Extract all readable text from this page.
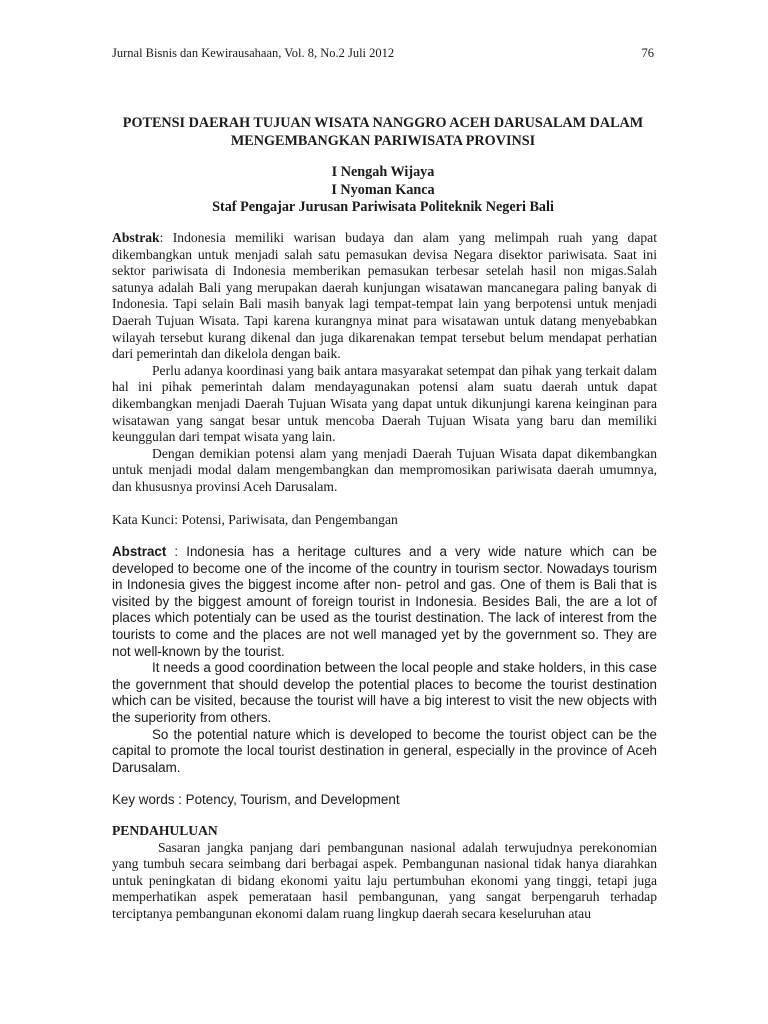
Jurnal Bisnis dan Kewirausahaan, Vol. 8, No.2 Juli 2012	76
POTENSI DAERAH TUJUAN WISATA NANGGRO ACEH DARUSALAM DALAM
MENGEMBANGKAN PARIWISATA PROVINSI
I Nengah Wijaya
I Nyoman Kanca
Staf Pengajar Jurusan Pariwisata Politeknik Negeri Bali

Abstrak: Indonesia memiliki warisan budaya dan alam yang melimpah ruah yang dapat dikembangkan untuk menjadi salah satu pemasukan devisa Negara disektor pariwisata. Saat ini sektor pariwisata di Indonesia memberikan pemasukan terbesar setelah hasil non migas.Salah satunya adalah Bali yang merupakan daerah kunjungan wisatawan mancanegara paling banyak di Indonesia. Tapi selain Bali masih banyak lagi tempat-tempat lain yang berpotensi untuk menjadi Daerah Tujuan Wisata. Tapi karena kurangnya minat para wisatawan untuk datang menyebabkan wilayah tersebut kurang dikenal dan juga dikarenakan tempat tersebut belum mendapat perhatian dari pemerintah dan dikelola dengan baik.

Perlu adanya koordinasi yang baik antara masyarakat setempat dan pihak yang terkait dalam hal ini pihak pemerintah dalam mendayagunakan potensi alam suatu daerah untuk dapat dikembangkan menjadi Daerah Tujuan Wisata yang dapat untuk dikunjungi karena keinginan para wisatawan yang sangat besar untuk mencoba Daerah Tujuan Wisata yang baru dan memiliki keunggulan dari tempat wisata yang lain.

Dengan demikian potensi alam yang menjadi Daerah Tujuan Wisata dapat dikembangkan untuk menjadi modal dalam mengembangkan dan mempromosikan pariwisata daerah umumnya, dan khususnya provinsi Aceh Darusalam.

Kata Kunci: Potensi, Pariwisata, dan Pengembangan

Abstract : Indonesia has a heritage cultures and a very wide nature which can be developed to become one of the income of the country in tourism sector. Nowadays tourism in Indonesia gives the biggest income after non- petrol and gas. One of them is Bali that is visited by the biggest amount of foreign tourist in Indonesia. Besides Bali, the are a lot of places which potentialy can be used as the tourist destination. The lack of interest from the tourists to come and the places are not well managed yet by the government so. They are not well-known by the tourist.

It needs a good coordination between the local people and stake holders, in this case the government that should develop the potential places to become the tourist destination which can be visited, because the tourist will have a big interest to visit the new objects with the superiority from others.

So the potential nature which is developed to become the tourist object can be the capital to promote the local tourist destination in general, especially in the province of Aceh Darusalam.

Key words : Potency, Tourism, and Development

PENDAHULUAN

Sasaran jangka panjang dari pembangunan nasional adalah terwujudnya perekonomian yang tumbuh secara seimbang dari berbagai aspek. Pembangunan nasional tidak hanya diarahkan untuk peningkatan di bidang ekonomi yaitu laju pertumbuhan ekonomi yang tinggi, tetapi juga memperhatikan aspek pemerataan hasil pembangunan, yang sangat berpengaruh terhadap terciptanya pembangunan ekonomi dalam ruang lingkup daerah secara keseluruhan atau
